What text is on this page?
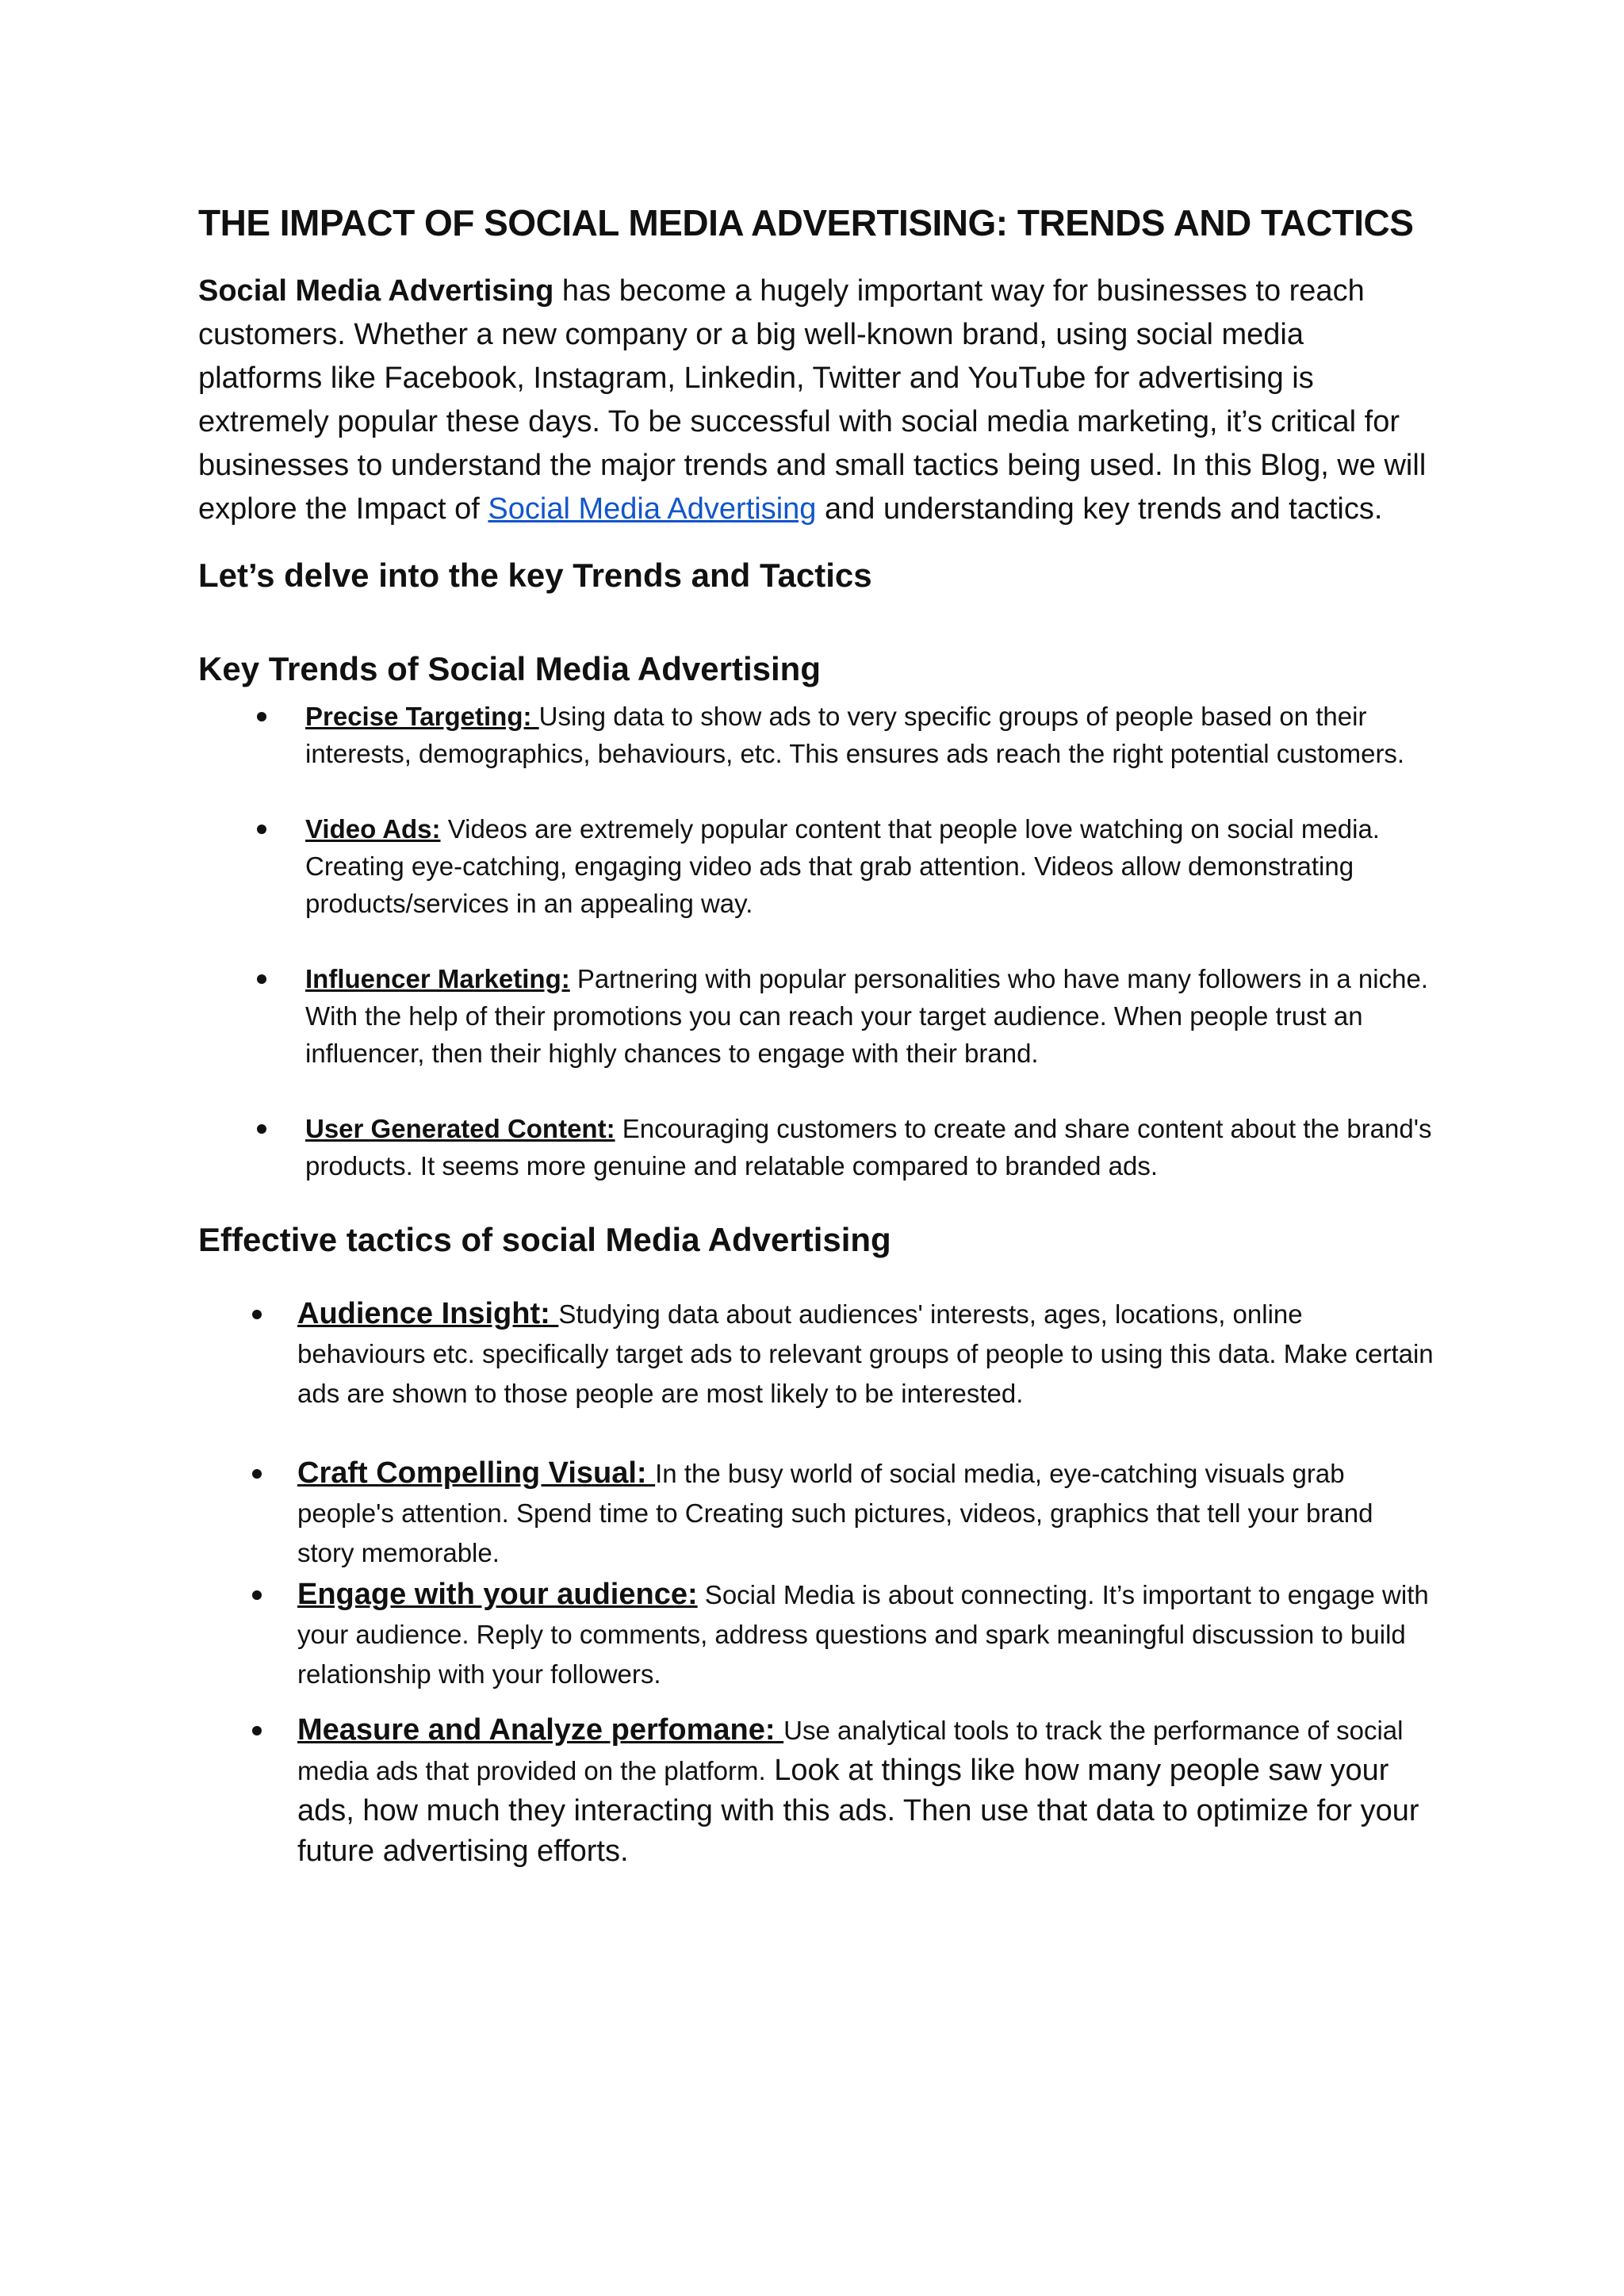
THE IMPACT OF SOCIAL MEDIA ADVERTISING: TRENDS AND TACTICS

Social Media Advertising has become a hugely important way for businesses to reach customers. Whether a new company or a big well-known brand, using social media platforms like Facebook, Instagram, Linkedin, Twitter and YouTube for advertising is extremely popular these days. To be successful with social media marketing, it’s critical for businesses to understand the major trends and small tactics being used. In this Blog, we will explore the Impact of Social Media Advertising and understanding key trends and tactics.

Let’s delve into the key Trends and Tactics
Key Trends of Social Media Advertising
Precise Targeting: Using data to show ads to very specific groups of people based on their interests, demographics, behaviours, etc. This ensures ads reach the right potential customers.
Video Ads: Videos are extremely popular content that people love watching on social media. Creating eye-catching, engaging video ads that grab attention. Videos allow demonstrating products/services in an appealing way.
Influencer Marketing: Partnering with popular personalities who have many followers in a niche. With the help of their promotions you can reach your target audience. When people trust an influencer, then their highly chances to engage with their brand.
User Generated Content: Encouraging customers to create and share content about the brand's products. It seems more genuine and relatable compared to branded ads.
Effective tactics of social Media Advertising
Audience Insight: Studying data about audiences' interests, ages, locations, online behaviours etc. specifically target ads to relevant groups of people to using this data. Make certain ads are shown to those people are most likely to be interested.
Craft Compelling Visual: In the busy world of social media, eye-catching visuals grab people's attention. Spend time to Creating such pictures, videos, graphics that tell your brand story memorable.
Engage with your audience: Social Media is about connecting. It’s important to engage with your audience. Reply to comments, address questions and spark meaningful discussion to build relationship with your followers.
Measure and Analyze perfomane: Use analytical tools to track the performance of social media ads that provided on the platform. Look at things like how many people saw your ads, how much they interacting with this ads. Then use that data to optimize for your future advertising efforts.
